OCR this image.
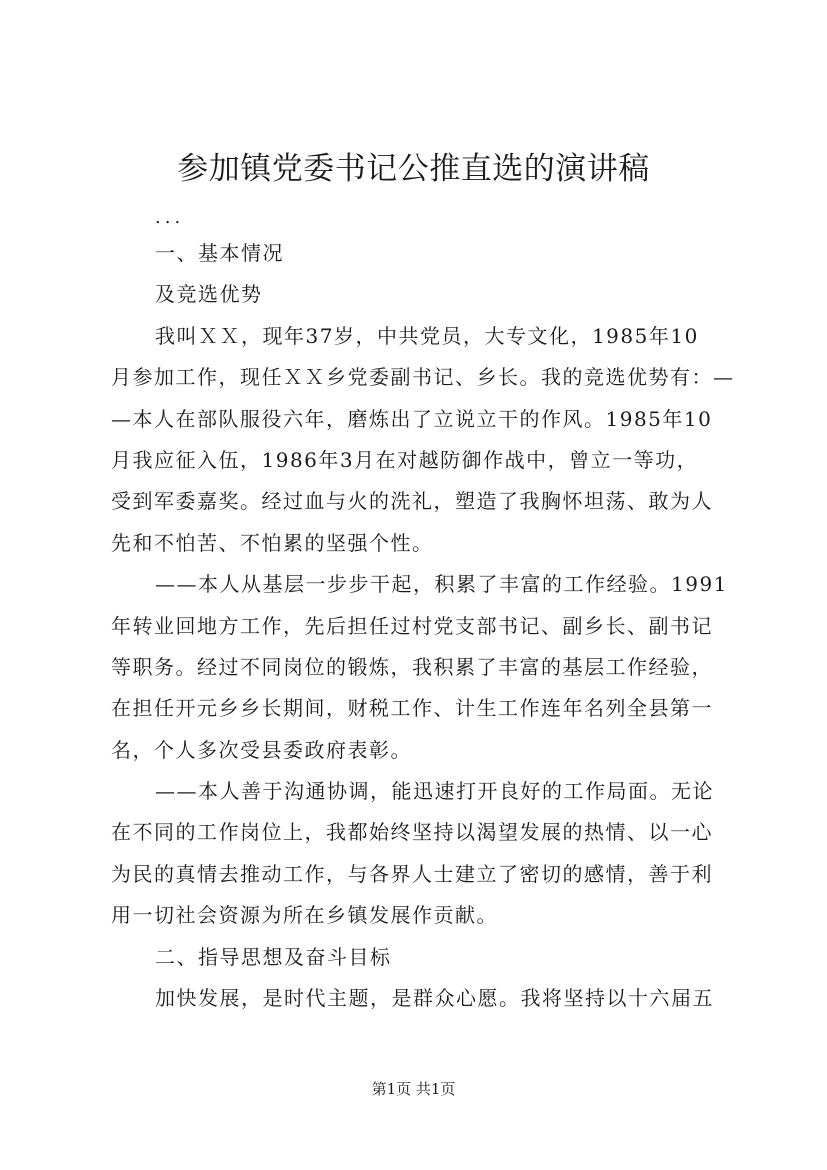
参加镇党委书记公推直选的演讲稿
...
一、基本情况
及竞选优势
我叫ＸＸ，现年37岁，中共党员，大专文化，1985年10
月参加工作，现任ＸＸ乡党委副书记、乡长。我的竞选优势有：—
—本人在部队服役六年，磨炼出了立说立干的作风。1985年10
月我应征入伍，1986年3月在对越防御作战中，曾立一等功，
受到军委嘉奖。经过血与火的洗礼，塑造了我胸怀坦荡、敢为人
先和不怕苦、不怕累的坚强个性。
——本人从基层一步步干起，积累了丰富的工作经验。1991
年转业回地方工作，先后担任过村党支部书记、副乡长、副书记
等职务。经过不同岗位的锻炼，我积累了丰富的基层工作经验，
在担任开元乡乡长期间，财税工作、计生工作连年名列全县第一
名，个人多次受县委政府表彰。
——本人善于沟通协调，能迅速打开良好的工作局面。无论
在不同的工作岗位上，我都始终坚持以渴望发展的热情、以一心
为民的真情去推动工作，与各界人士建立了密切的感情，善于利
用一切社会资源为所在乡镇发展作贡献。
二、指导思想及奋斗目标
加快发展，是时代主题，是群众心愿。我将坚持以十六届五
第1页 共1页
